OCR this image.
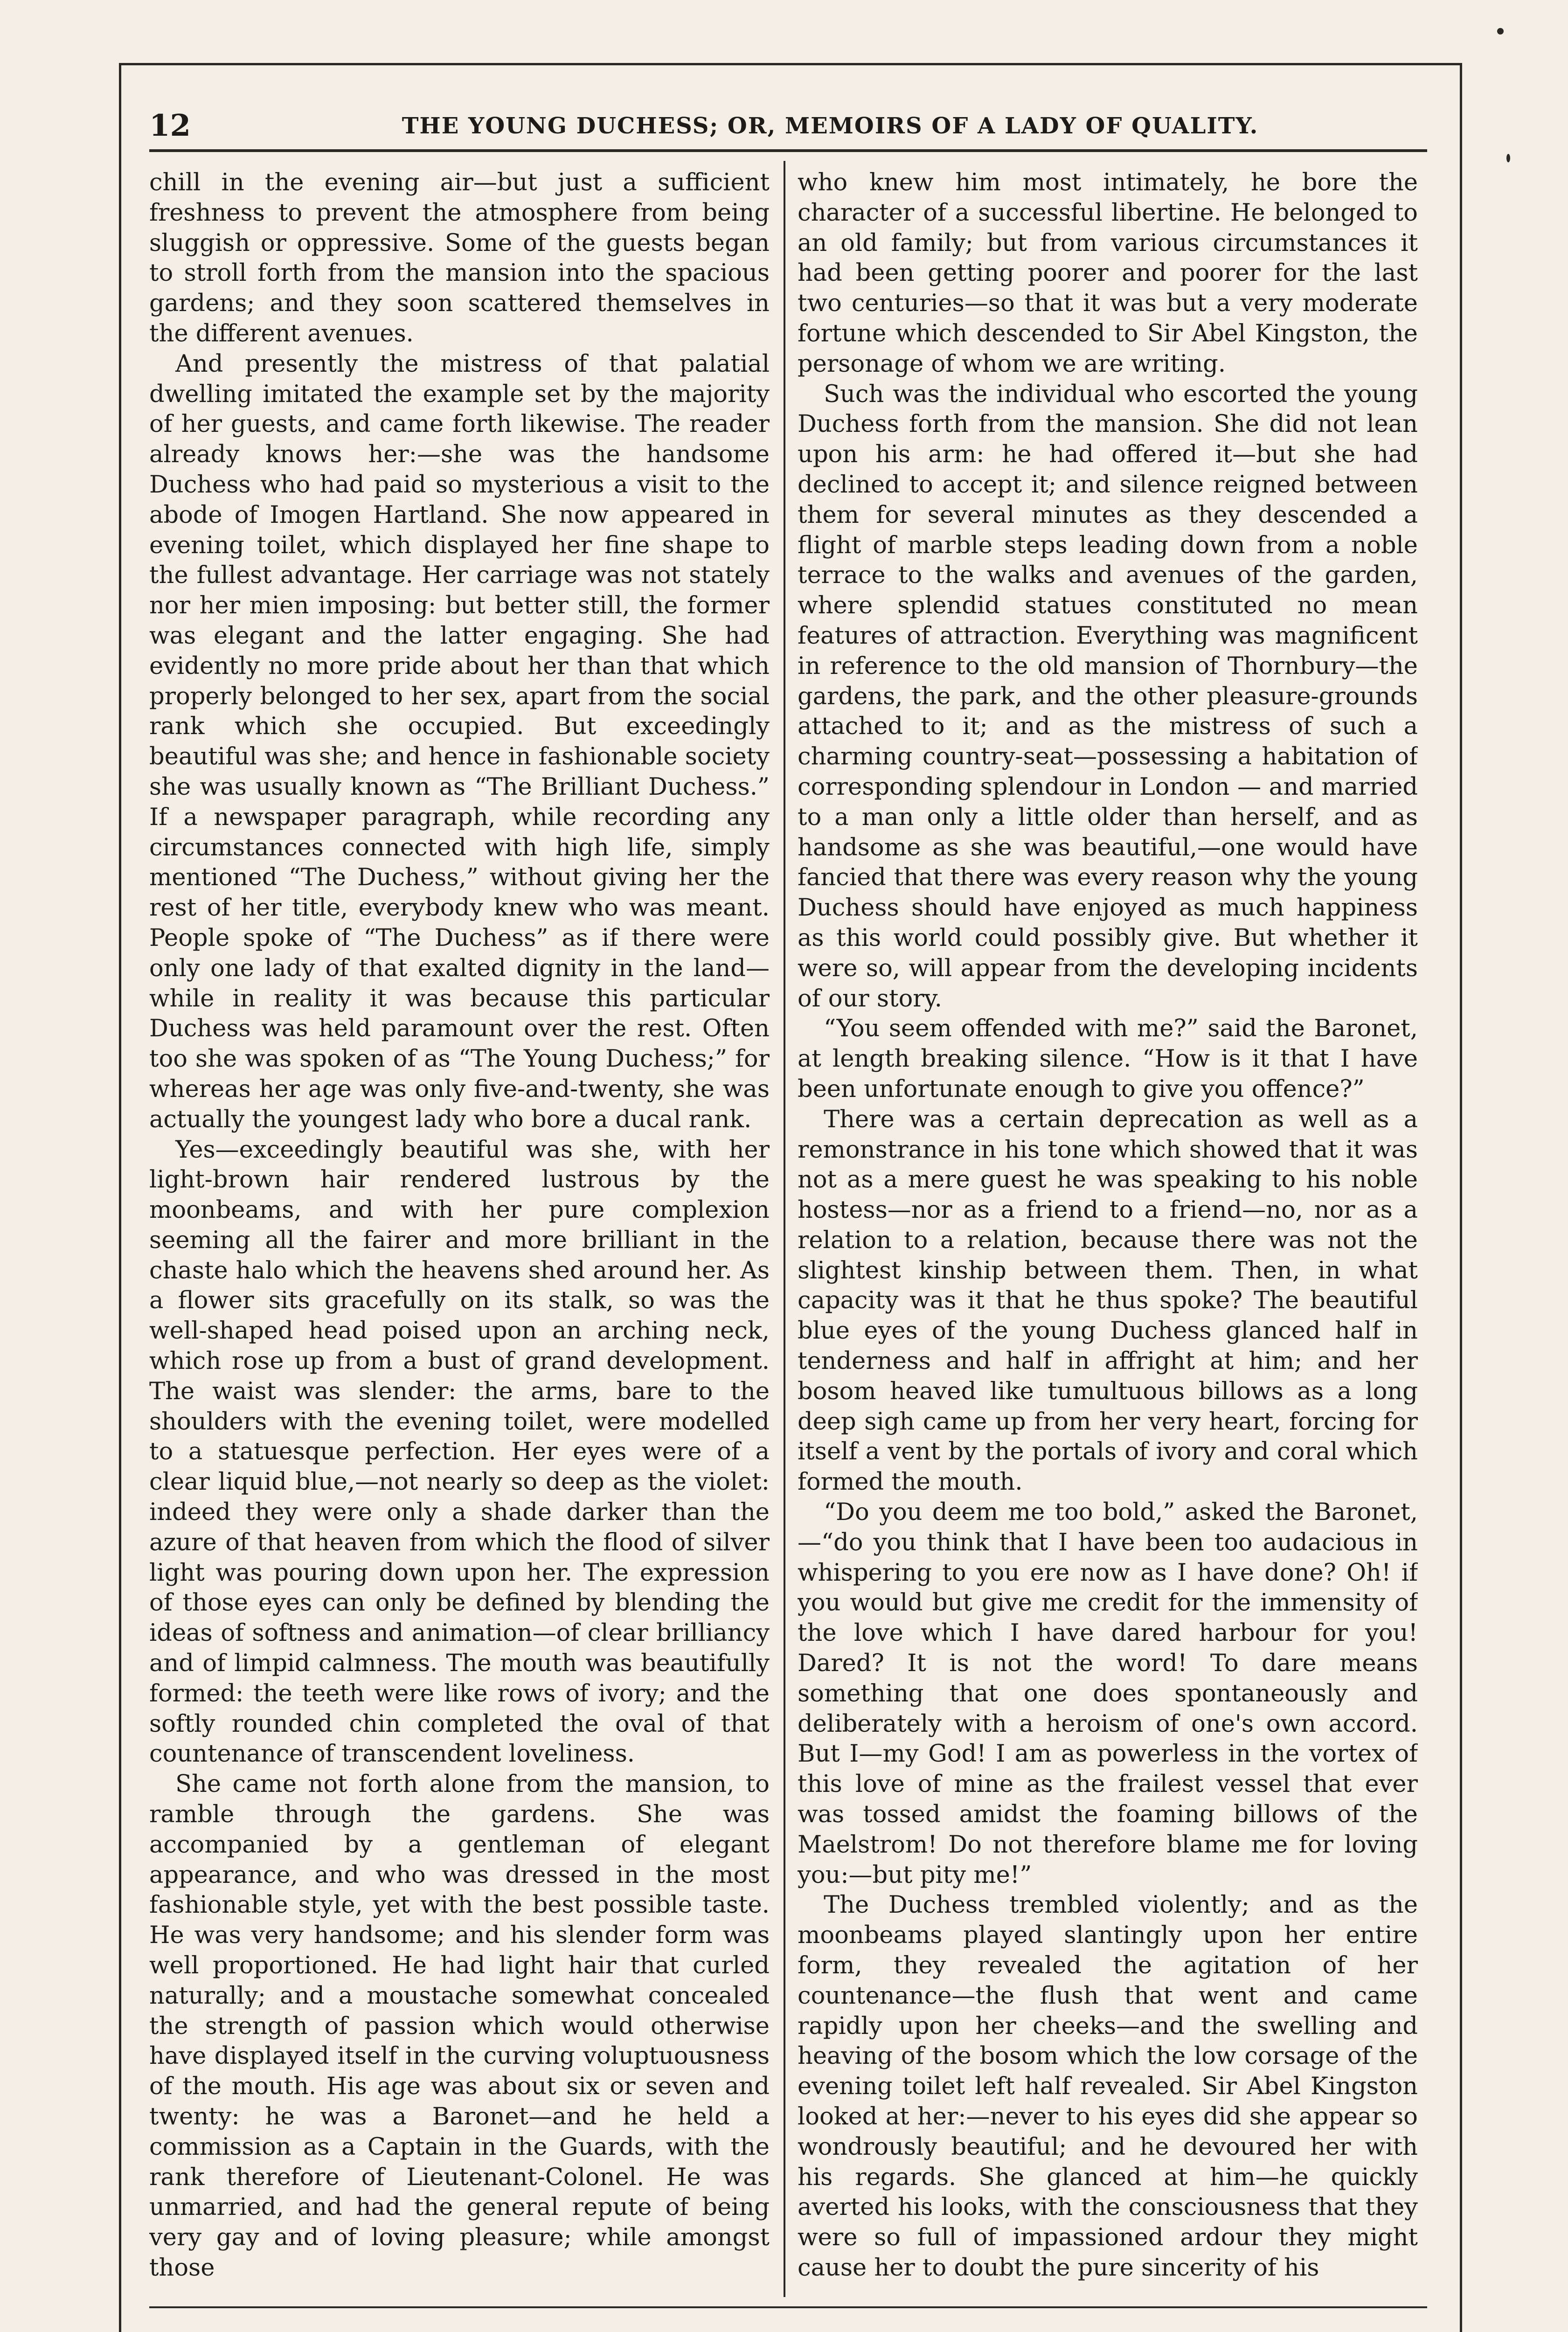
12	THE YOUNG DUCHESS; OR, MEMOIRS OF A LADY OF QUALITY.

chill in the evening air—but just a sufficient freshness to prevent the atmosphere from being sluggish or oppressive. Some of the guests began to stroll forth from the mansion into the spacious gardens; and they soon scattered themselves in the different avenues.

And presently the mistress of that palatial dwelling imitated the example set by the majority of her guests, and came forth likewise. The reader already knows her:—she was the handsome Duchess who had paid so mysterious a visit to the abode of Imogen Hartland. She now appeared in evening toilet, which displayed her fine shape to the fullest advantage. Her carriage was not stately nor her mien imposing: but better still, the former was elegant and the latter engaging. She had evidently no more pride about her than that which properly belonged to her sex, apart from the social rank which she occupied. But exceedingly beautiful was she; and hence in fashionable society she was usually known as “The Brilliant Duchess.” If a newspaper paragraph, while recording any circumstances connected with high life, simply mentioned “The Duchess,” without giving her the rest of her title, everybody knew who was meant. People spoke of “The Duchess” as if there were only one lady of that exalted dignity in the land—while in reality it was because this particular Duchess was held paramount over the rest. Often too she was spoken of as “The Young Duchess;” for whereas her age was only five-and-twenty, she was actually the youngest lady who bore a ducal rank.

Yes—exceedingly beautiful was she, with her light-brown hair rendered lustrous by the moonbeams, and with her pure complexion seeming all the fairer and more brilliant in the chaste halo which the heavens shed around her. As a flower sits gracefully on its stalk, so was the well-shaped head poised upon an arching neck, which rose up from a bust of grand development. The waist was slender: the arms, bare to the shoulders with the evening toilet, were modelled to a statuesque perfection. Her eyes were of a clear liquid blue,—not nearly so deep as the violet: indeed they were only a shade darker than the azure of that heaven from which the flood of silver light was pouring down upon her. The expression of those eyes can only be defined by blending the ideas of softness and animation—of clear brilliancy and of limpid calmness. The mouth was beautifully formed: the teeth were like rows of ivory; and the softly rounded chin completed the oval of that countenance of transcendent loveliness.

She came not forth alone from the mansion, to ramble through the gardens. She was accompanied by a gentleman of elegant appearance, and who was dressed in the most fashionable style, yet with the best possible taste. He was very handsome; and his slender form was well proportioned. He had light hair that curled naturally; and a moustache somewhat concealed the strength of passion which would otherwise have displayed itself in the curving voluptuousness of the mouth. His age was about six or seven and twenty: he was a Baronet—and he held a commission as a Captain in the Guards, with the rank therefore of Lieutenant-Colonel. He was unmarried, and had the general repute of being very gay and of loving pleasure; while amongst those

who knew him most intimately, he bore the character of a successful libertine. He belonged to an old family; but from various circumstances it had been getting poorer and poorer for the last two centuries—so that it was but a very moderate fortune which descended to Sir Abel Kingston, the personage of whom we are writing.

Such was the individual who escorted the young Duchess forth from the mansion. She did not lean upon his arm: he had offered it—but she had declined to accept it; and silence reigned between them for several minutes as they descended a flight of marble steps leading down from a noble terrace to the walks and avenues of the garden, where splendid statues constituted no mean features of attraction. Everything was magnificent in reference to the old mansion of Thornbury—the gardens, the park, and the other pleasure-grounds attached to it; and as the mistress of such a charming country-seat—possessing a habitation of corresponding splendour in London — and married to a man only a little older than herself, and as handsome as she was beautiful,—one would have fancied that there was every reason why the young Duchess should have enjoyed as much happiness as this world could possibly give. But whether it were so, will appear from the developing incidents of our story.

“You seem offended with me?” said the Baronet, at length breaking silence. “How is it that I have been unfortunate enough to give you offence?”

There was a certain deprecation as well as a remonstrance in his tone which showed that it was not as a mere guest he was speaking to his noble hostess—nor as a friend to a friend—no, nor as a relation to a relation, because there was not the slightest kinship between them. Then, in what capacity was it that he thus spoke? The beautiful blue eyes of the young Duchess glanced half in tenderness and half in affright at him; and her bosom heaved like tumultuous billows as a long deep sigh came up from her very heart, forcing for itself a vent by the portals of ivory and coral which formed the mouth.

“Do you deem me too bold,” asked the Baronet,—“do you think that I have been too audacious in whispering to you ere now as I have done? Oh! if you would but give me credit for the immensity of the love which I have dared harbour for you! Dared? It is not the word! To dare means something that one does spontaneously and deliberately with a heroism of one's own accord. But I—my God! I am as powerless in the vortex of this love of mine as the frailest vessel that ever was tossed amidst the foaming billows of the Maelstrom! Do not therefore blame me for loving you:—but pity me!”

The Duchess trembled violently; and as the moonbeams played slantingly upon her entire form, they revealed the agitation of her countenance—the flush that went and came rapidly upon her cheeks—and the swelling and heaving of the bosom which the low corsage of the evening toilet left half revealed. Sir Abel Kingston looked at her:—never to his eyes did she appear so wondrously beautiful; and he devoured her with his regards. She glanced at him—he quickly averted his looks, with the consciousness that they were so full of impassioned ardour they might cause her to doubt the pure sincerity of his
